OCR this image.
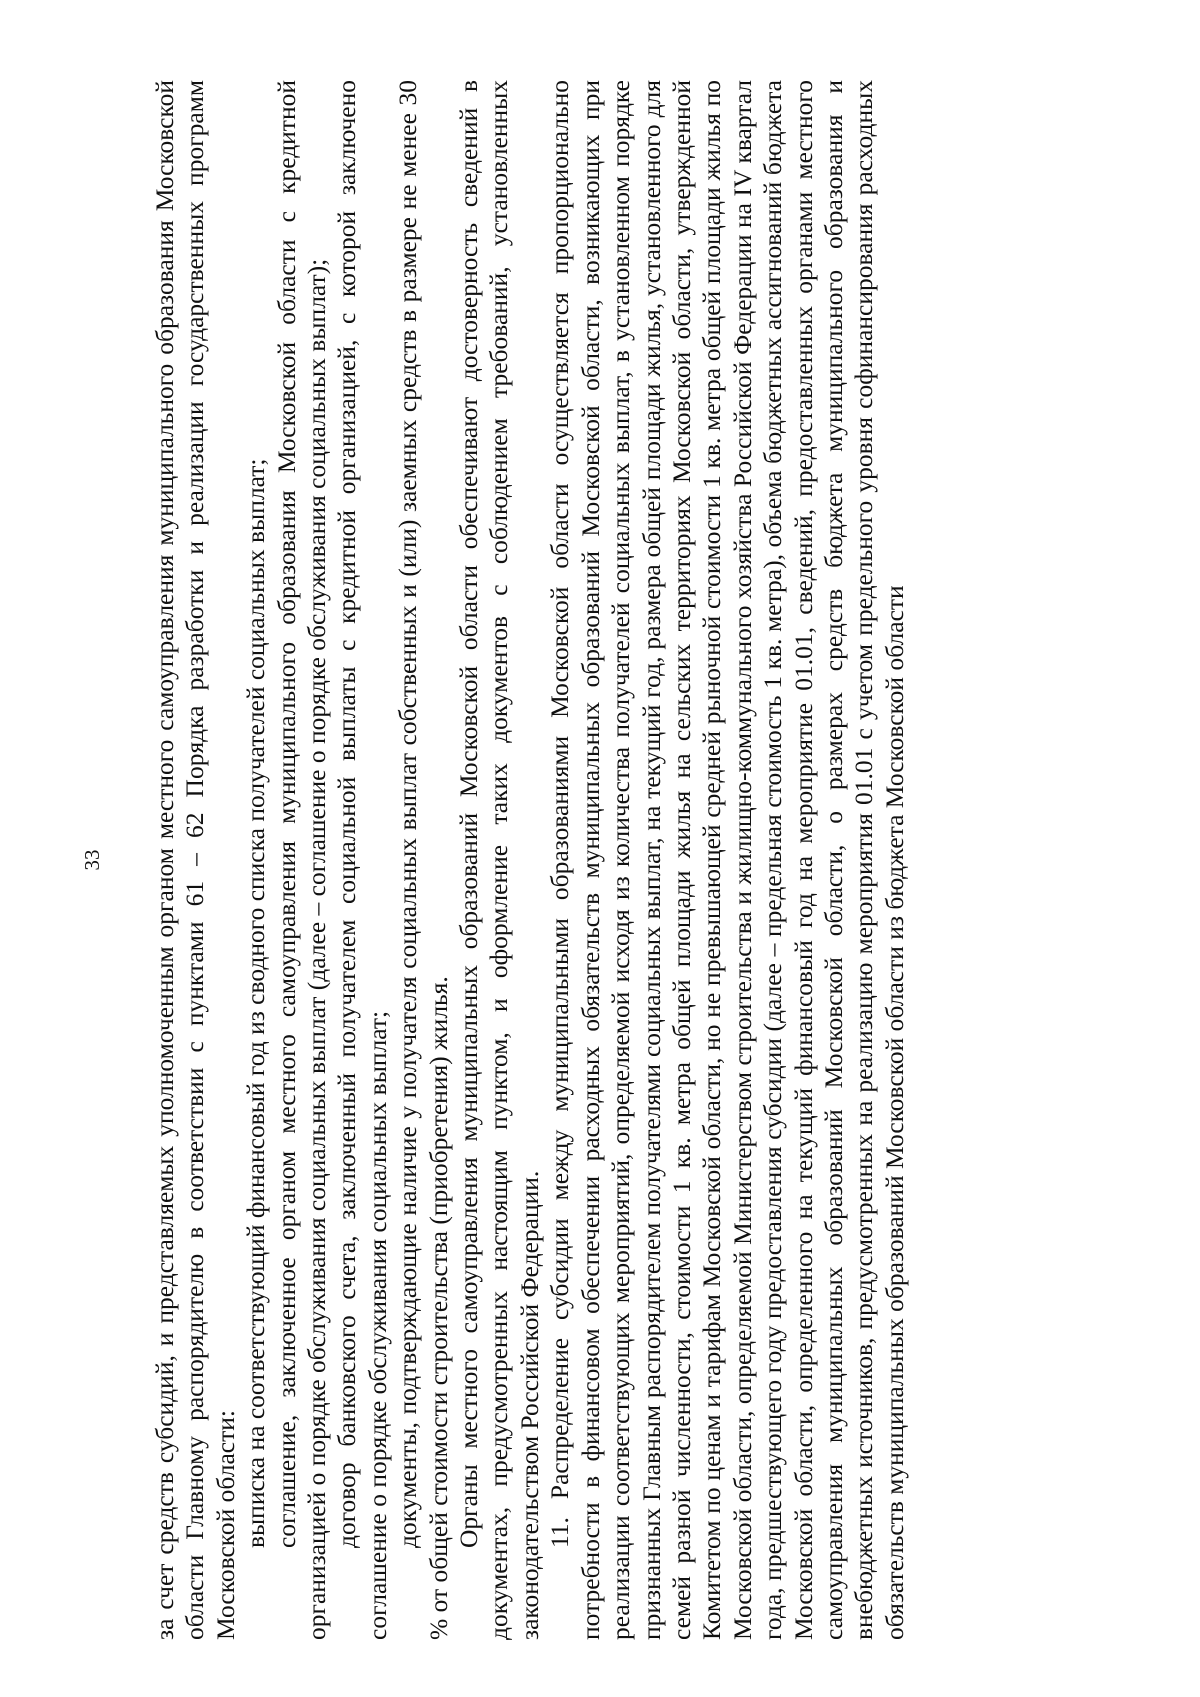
33 за счет средств субсидий, и представляемых уполномоченным органом местного самоуправления муниципального образования Московской области Главному распорядителю в соответствии с пунктами 61 – 62 Порядка разработки и реализации государственных программ Московской области: выписка на соответствующий финансовый год из сводного списка получателей социальных выплат; соглашение, заключенное органом местного самоуправления муниципального образования Московской области с кредитной организацией о порядке обслуживания социальных выплат (далее – соглашение о порядке обслуживания социальных выплат); договор банковского счета, заключенный получателем социальной выплаты с кредитной организацией, с которой заключено соглашение о порядке обслуживания социальных выплат; документы, подтверждающие наличие у получателя социальных выплат собственных и (или) заемных средств в размере не менее 30 % от общей стоимости строительства (приобретения) жилья. Органы местного самоуправления муниципальных образований Московской области обеспечивают достоверность сведений в документах, предусмотренных настоящим пунктом, и оформление таких документов с соблюдением требований, установленных законодательством Российской Федерации. 11. Распределение субсидии между муниципальными образованиями Московской области осуществляется пропорционально потребности в финансовом обеспечении расходных обязательств муниципальных образований Московской области, возникающих при реализации соответствующих мероприятий, определяемой исходя из количества получателей социальных выплат, в установленном порядке признанных Главным распорядителем получателями социальных выплат, на текущий год, размера общей площади жилья, установленного для семей разной численности, стоимости 1 кв. метра общей площади жилья на сельских территориях Московской области, утвержденной Комитетом по ценам и тарифам Московской области, но не превышающей средней рыночной стоимости 1 кв. метра общей площади жилья по Московской области, определяемой Министерством строительства и жилищно-коммунального хозяйства Российской Федерации на IV квартал года, предшествующего году предоставления субсидии (далее – предельная стоимость 1 кв. метра), объема бюджетных ассигнований бюджета Московской области, определенного на текущий финансовый год на мероприятие 01.01, сведений, предоставленных органами местного самоуправления муниципальных образований Московской области, о размерах средств бюджета муниципального образования и внебюджетных источников, предусмотренных на реализацию мероприятия 01.01 с учетом предельного уровня софинансирования расходных обязательств муниципальных образований Московской области из бюджета Московской области
